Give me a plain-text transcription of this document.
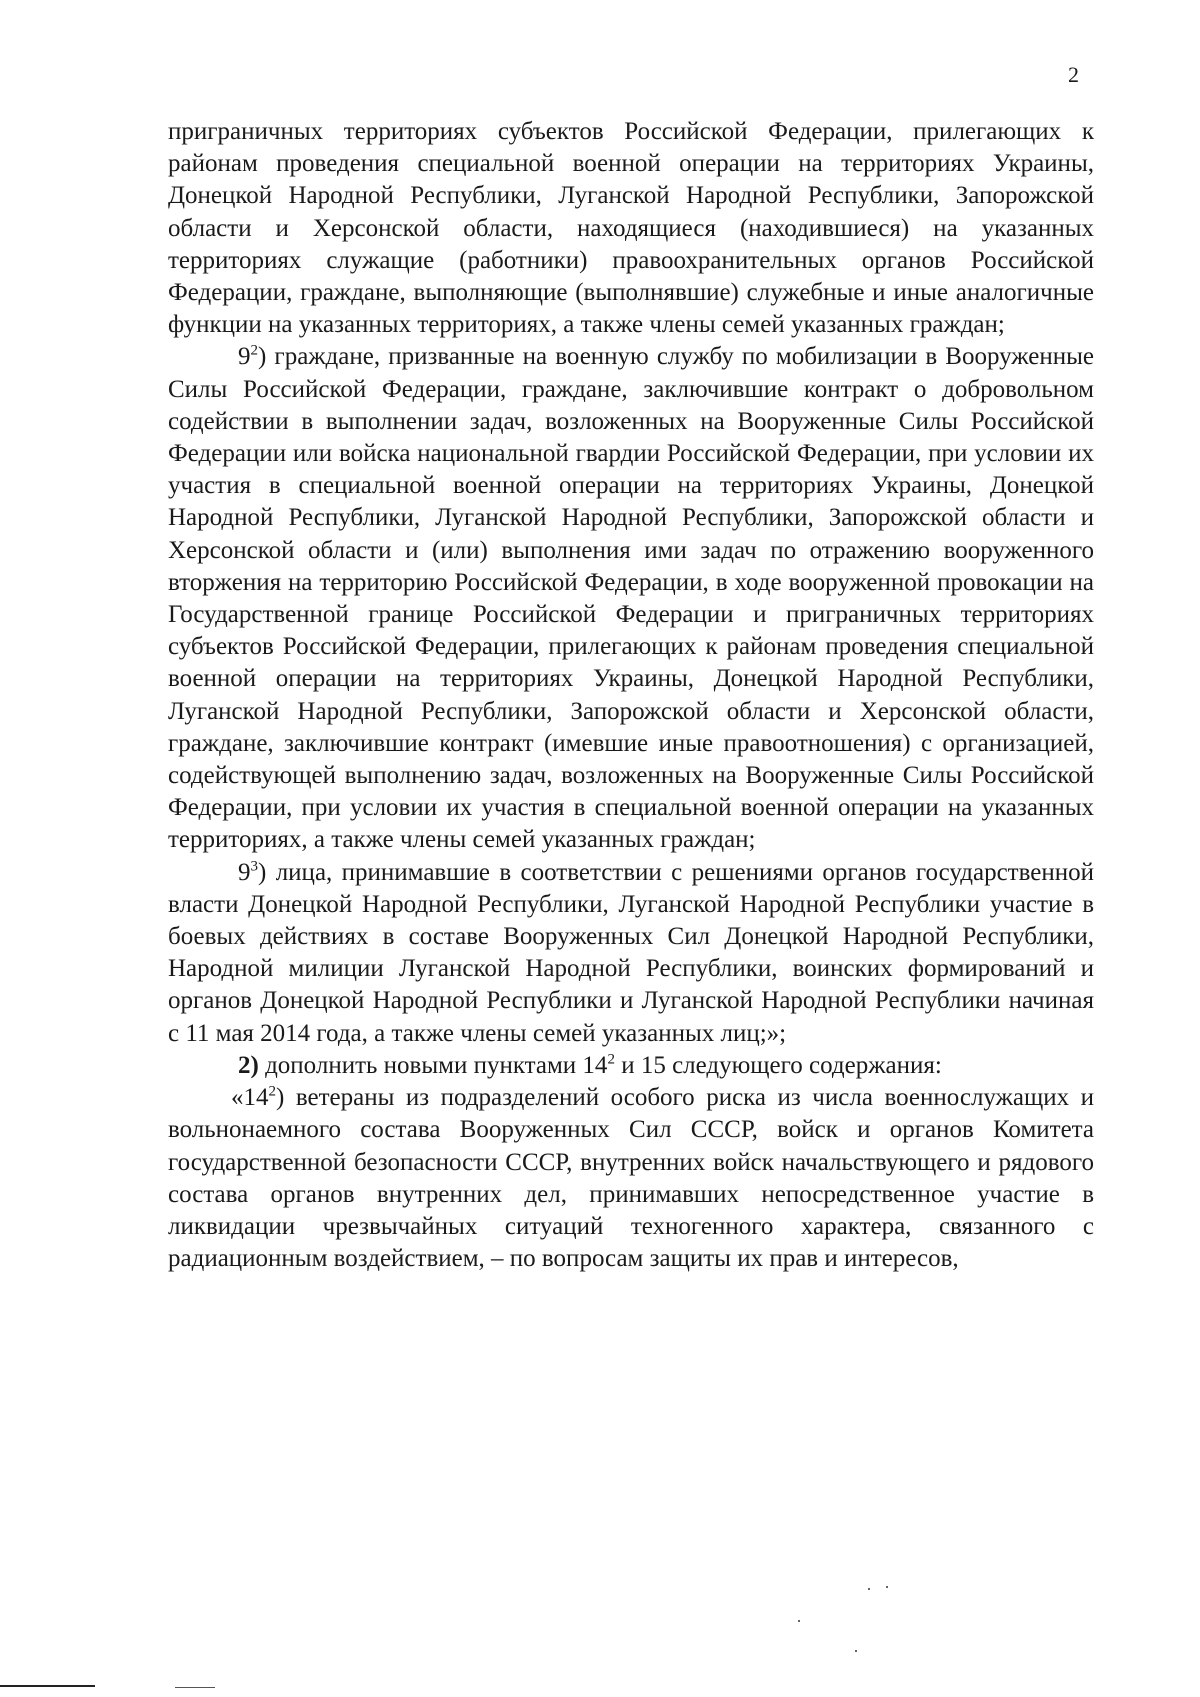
2

приграничных территориях субъектов Российской Федерации, прилегающих к районам проведения специальной военной операции на территориях Украины, Донецкой Народной Республики, Луганской Народной Республики, Запорожской области и Херсонской области, находящиеся (находившиеся) на указанных территориях служащие (работники) правоохранительных органов Российской Федерации, граждане, выполняющие (выполнявшие) служебные и иные аналогичные функции на указанных территориях, а также члены семей указанных граждан;

$9^2$) граждане, призванные на военную службу по мобилизации в Вооруженные Силы Российской Федерации, граждане, заключившие контракт о добровольном содействии в выполнении задач, возложенных на Вооруженные Силы Российской Федерации или войска национальной гвардии Российской Федерации, при условии их участия в специальной военной операции на территориях Украины, Донецкой Народной Республики, Луганской Народной Республики, Запорожской области и Херсонской области и (или) выполнения ими задач по отражению вооруженного вторжения на территорию Российской Федерации, в ходе вооруженной провокации на Государственной границе Российской Федерации и приграничных территориях субъектов Российской Федерации, прилегающих к районам проведения специальной военной операции на территориях Украины, Донецкой Народной Республики, Луганской Народной Республики, Запорожской области и Херсонской области, граждане, заключившие контракт (имевшие иные правоотношения) с организацией, содействующей выполнению задач, возложенных на Вооруженные Силы Российской Федерации, при условии их участия в специальной военной операции на указанных территориях, а также члены семей указанных граждан;

$9^3$) лица, принимавшие в соответствии с решениями органов государственной власти Донецкой Народной Республики, Луганской Народной Республики участие в боевых действиях в составе Вооруженных Сил Донецкой Народной Республики, Народной милиции Луганской Народной Республики, воинских формирований и органов Донецкой Народной Республики и Луганской Народной Республики начиная с 11 мая 2014 года, а также члены семей указанных лиц;»;

2) дополнить новыми пунктами $14^2$ и 15 следующего содержания:

«$14^2$) ветераны из подразделений особого риска из числа военнослужащих и вольнонаемного состава Вооруженных Сил СССР, войск и органов Комитета государственной безопасности СССР, внутренних войск начальствующего и рядового состава органов внутренних дел, принимавших непосредственное участие в ликвидации чрезвычайных ситуаций техногенного характера, связанного с радиационным воздействием, – по вопросам защиты их прав и интересов,
